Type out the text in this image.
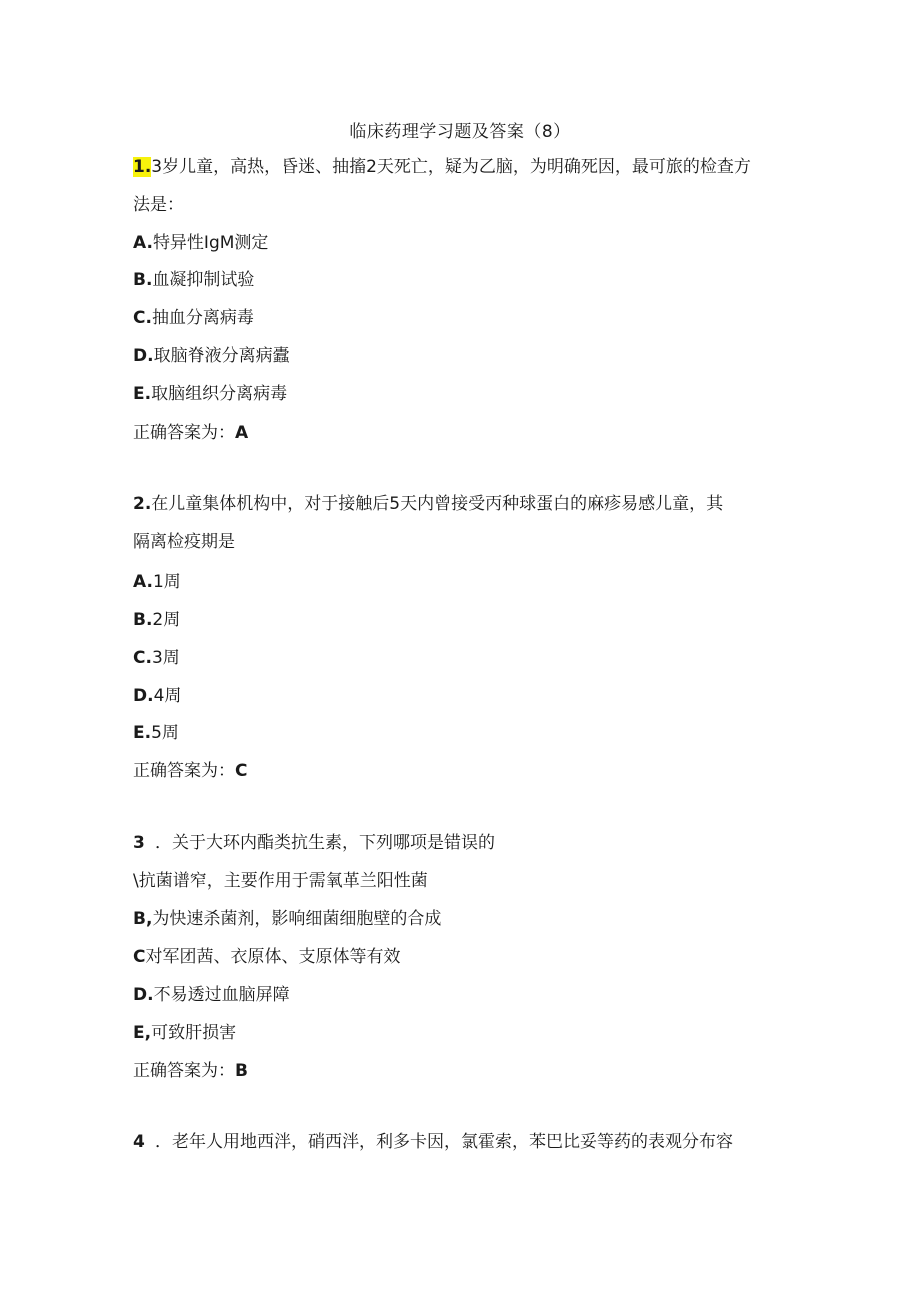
临床药理学习题及答案（8）
1.3岁儿童，高热，昏迷、抽搐2天死亡，疑为乙脑，为明确死因，最可旅的检查方
法是：
A.特异性IgM测定
B.血凝抑制试验
C.抽血分离病毒
D.取脑脊液分离病蠹
E.取脑组织分离病毒
正确答案为：A
2.在儿童集体机构中，对于接触后5天内曾接受丙种球蛋白的麻疹易感儿童，其
隔离检疫期是
A.1周
B.2周
C.3周
D.4周
E.5周
正确答案为：C
3 ．关于大环内酯类抗生素，下列哪项是错误的
\抗菌谱窄，主要作用于需氧革兰阳性菌
B,为快速杀菌剂，影响细菌细胞壁的合成
C对军团茜、衣原体、支原体等有效
D.不易透过血脑屏障
E,可致肝损害
正确答案为：B
4 ．老年人用地西泮，硝西泮，利多卡因，氯霍索，苯巴比妥等药的表观分布容
